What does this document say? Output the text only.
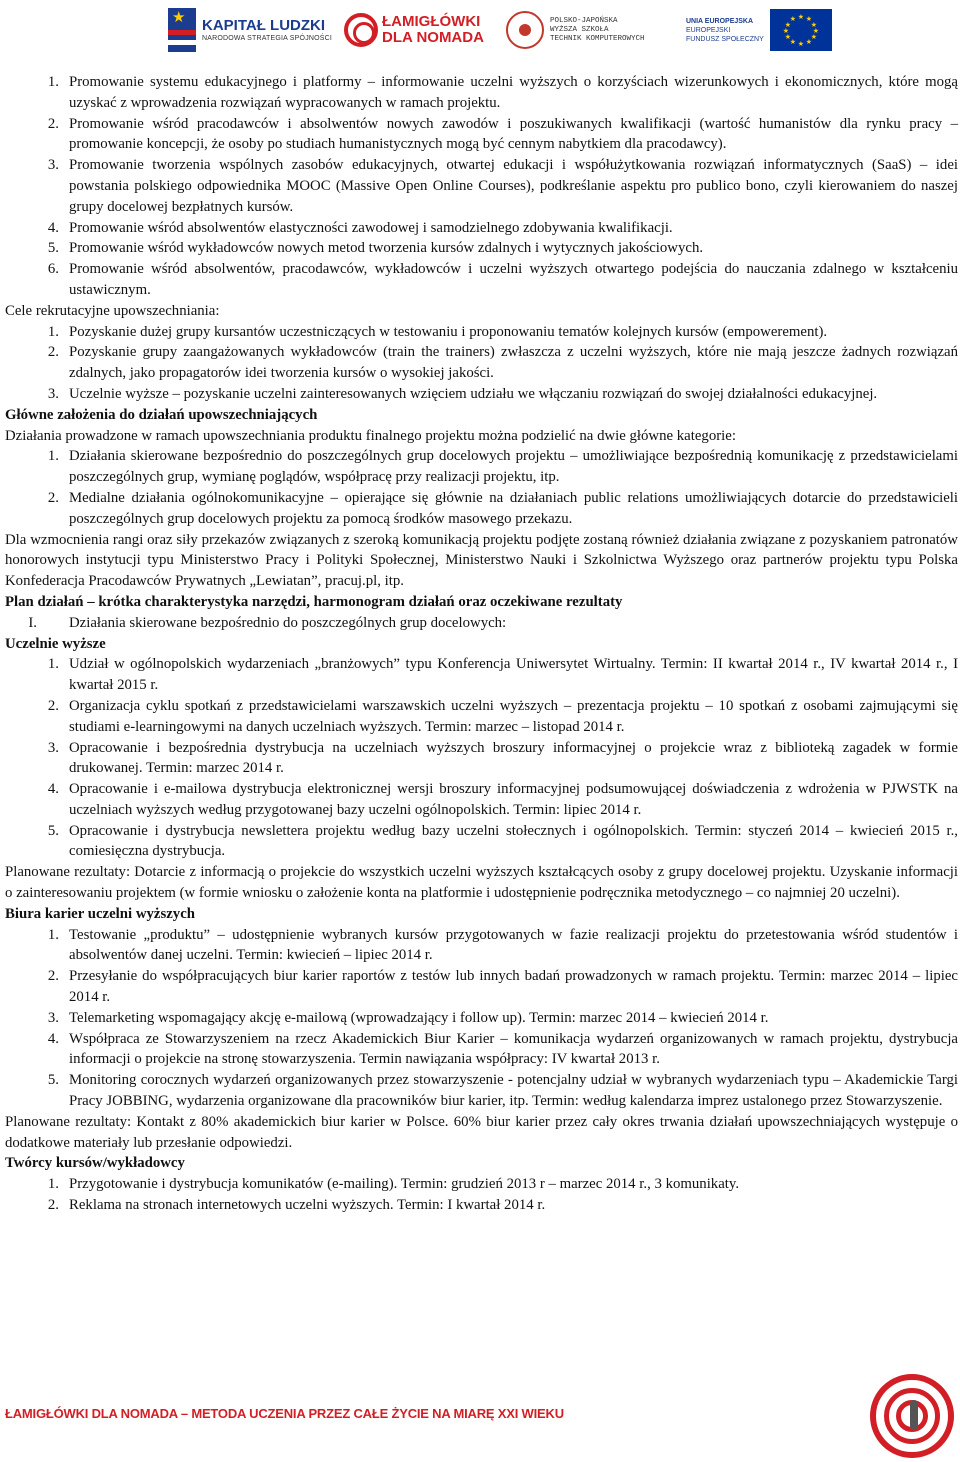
★ KAPITAŁ LUDZKI
NARODOWA STRATEGIA SPÓJNOŚCI
ŁAMIGŁÓWKI
DLA NOMADA
POLSKO-JAPOŃSKA
WYŻSZA SZKOŁA
TECHNIK KOMPUTEROWYCH
UNIA EUROPEJSKA
EUROPEJSKI
FUNDUSZ SPOŁECZNY
★ ★
★
★
★
★
★
★
★
★
★
★
1. Promowanie systemu edukacyjnego i platformy – informowanie uczelni wyższych o korzyściach wizerunkowych i ekonomicznych, które mogą uzyskać z wprowadzenia rozwiązań wypracowanych w ramach projektu.
2. Promowanie wśród pracodawców i absolwentów nowych zawodów i poszukiwanych kwalifikacji (wartość humanistów dla rynku pracy – promowanie koncepcji, że osoby po studiach humanistycznych mogą być cennym nabytkiem dla pracodawcy).
3. Promowanie tworzenia wspólnych zasobów edukacyjnych, otwartej edukacji i współużytkowania rozwiązań informatycznych (SaaS) – idei powstania polskiego odpowiednika MOOC (Massive Open Online Courses), podkreślanie aspektu pro publico bono, czyli kierowaniem do naszej grupy docelowej bezpłatnych kursów.
4. Promowanie wśród absolwentów elastyczności zawodowej i samodzielnego zdobywania kwalifikacji.
5. Promowanie wśród wykładowców nowych metod tworzenia kursów zdalnych i wytycznych jakościowych.
6. Promowanie wśród absolwentów, pracodawców, wykładowców i uczelni wyższych otwartego podejścia do nauczania zdalnego w kształceniu ustawicznym.
Cele rekrutacyjne upowszechniania:
1. Pozyskanie dużej grupy kursantów uczestniczących w testowaniu i proponowaniu tematów kolejnych kursów (empowerement).
2. Pozyskanie grupy zaangażowanych wykładowców (train the trainers) zwłaszcza z uczelni wyższych, które nie mają jeszcze żadnych rozwiązań zdalnych, jako propagatorów idei tworzenia kursów o wysokiej jakości.
3. Uczelnie wyższe – pozyskanie uczelni zainteresowanych wzięciem udziału we włączaniu rozwiązań do swojej działalności edukacyjnej.
Główne założenia do działań upowszechniających
Działania prowadzone w ramach upowszechniania produktu finalnego projektu można podzielić na dwie główne kategorie:
1. Działania skierowane bezpośrednio do poszczególnych grup docelowych projektu – umożliwiające bezpośrednią komunikację z przedstawicielami poszczególnych grup, wymianę poglądów, współpracę przy realizacji projektu, itp.
2. Medialne działania ogólnokomunikacyjne – opierające się głównie na działaniach public relations umożliwiających dotarcie do przedstawicieli poszczególnych grup docelowych projektu za pomocą środków masowego przekazu.
Dla wzmocnienia rangi oraz siły przekazów związanych z szeroką komunikacją projektu podjęte zostaną również działania związane z pozyskaniem patronatów honorowych instytucji typu Ministerstwo Pracy i Polityki Społecznej, Ministerstwo Nauki i Szkolnictwa Wyższego oraz partnerów projektu typu Polska Konfederacja Pracodawców Prywatnych „Lewiatan”, pracuj.pl, itp.
Plan działań – krótka charakterystyka narzędzi, harmonogram działań oraz oczekiwane rezultaty
I.	Działania skierowane bezpośrednio do poszczególnych grup docelowych:
Uczelnie wyższe
1. Udział w ogólnopolskich wydarzeniach „branżowych” typu Konferencja Uniwersytet Wirtualny. Termin: II kwartał 2014 r., IV kwartał 2014 r., I kwartał 2015 r.
2. Organizacja cyklu spotkań z przedstawicielami warszawskich uczelni wyższych – prezentacja projektu – 10 spotkań z osobami zajmującymi się studiami e-learningowymi na danych uczelniach wyższych. Termin: marzec – listopad 2014 r.
3. Opracowanie i bezpośrednia dystrybucja na uczelniach wyższych broszury informacyjnej o projekcie wraz z biblioteką zagadek w formie drukowanej. Termin: marzec 2014 r.
4. Opracowanie i e-mailowa dystrybucja elektronicznej wersji broszury informacyjnej podsumowującej doświadczenia z wdrożenia w PJWSTK na uczelniach wyższych według przygotowanej bazy uczelni ogólnopolskich. Termin: lipiec 2014 r.
5. Opracowanie i dystrybucja newslettera projektu według bazy uczelni stołecznych i ogólnopolskich. Termin: styczeń 2014 – kwiecień 2015 r., comiesięczna dystrybucja.
Planowane rezultaty: Dotarcie z informacją o projekcie do wszystkich uczelni wyższych kształcących osoby z grupy docelowej projektu. Uzyskanie informacji o zainteresowaniu projektem (w formie wniosku o założenie konta na platformie i udostępnienie podręcznika metodycznego – co najmniej 20 uczelni).
Biura karier uczelni wyższych
1. Testowanie „produktu” – udostępnienie wybranych kursów przygotowanych w fazie realizacji projektu do przetestowania wśród studentów i absolwentów danej uczelni. Termin: kwiecień – lipiec 2014 r.
2. Przesyłanie do współpracujących biur karier raportów z testów lub innych badań prowadzonych w ramach projektu. Termin: marzec 2014 – lipiec 2014 r.
3. Telemarketing wspomagający akcję e-mailową (wprowadzający i follow up). Termin: marzec 2014 – kwiecień 2014 r.
4. Współpraca ze Stowarzyszeniem na rzecz Akademickich Biur Karier – komunikacja wydarzeń organizowanych w ramach projektu, dystrybucja informacji o projekcie na stronę stowarzyszenia. Termin nawiązania współpracy: IV kwartał 2013 r.
5. Monitoring corocznych wydarzeń organizowanych przez stowarzyszenie - potencjalny udział w wybranych wydarzeniach typu – Akademickie Targi Pracy JOBBING, wydarzenia organizowane dla pracowników biur karier, itp. Termin: według kalendarza imprez ustalonego przez Stowarzyszenie.
Planowane rezultaty: Kontakt z 80% akademickich biur karier w Polsce. 60% biur karier przez cały okres trwania działań upowszechniających występuje o dodatkowe materiały lub przesłanie odpowiedzi.
Twórcy kursów/wykładowcy
1. Przygotowanie i dystrybucja komunikatów (e-mailing). Termin: grudzień 2013 r – marzec 2014 r., 3 komunikaty.
2. Reklama na stronach internetowych uczelni wyższych. Termin: I kwartał 2014 r.
ŁAMIGŁÓWKI DLA NOMADA – METODA UCZENIA PRZEZ CAŁE ŻYCIE NA MIARĘ XXI WIEKU
